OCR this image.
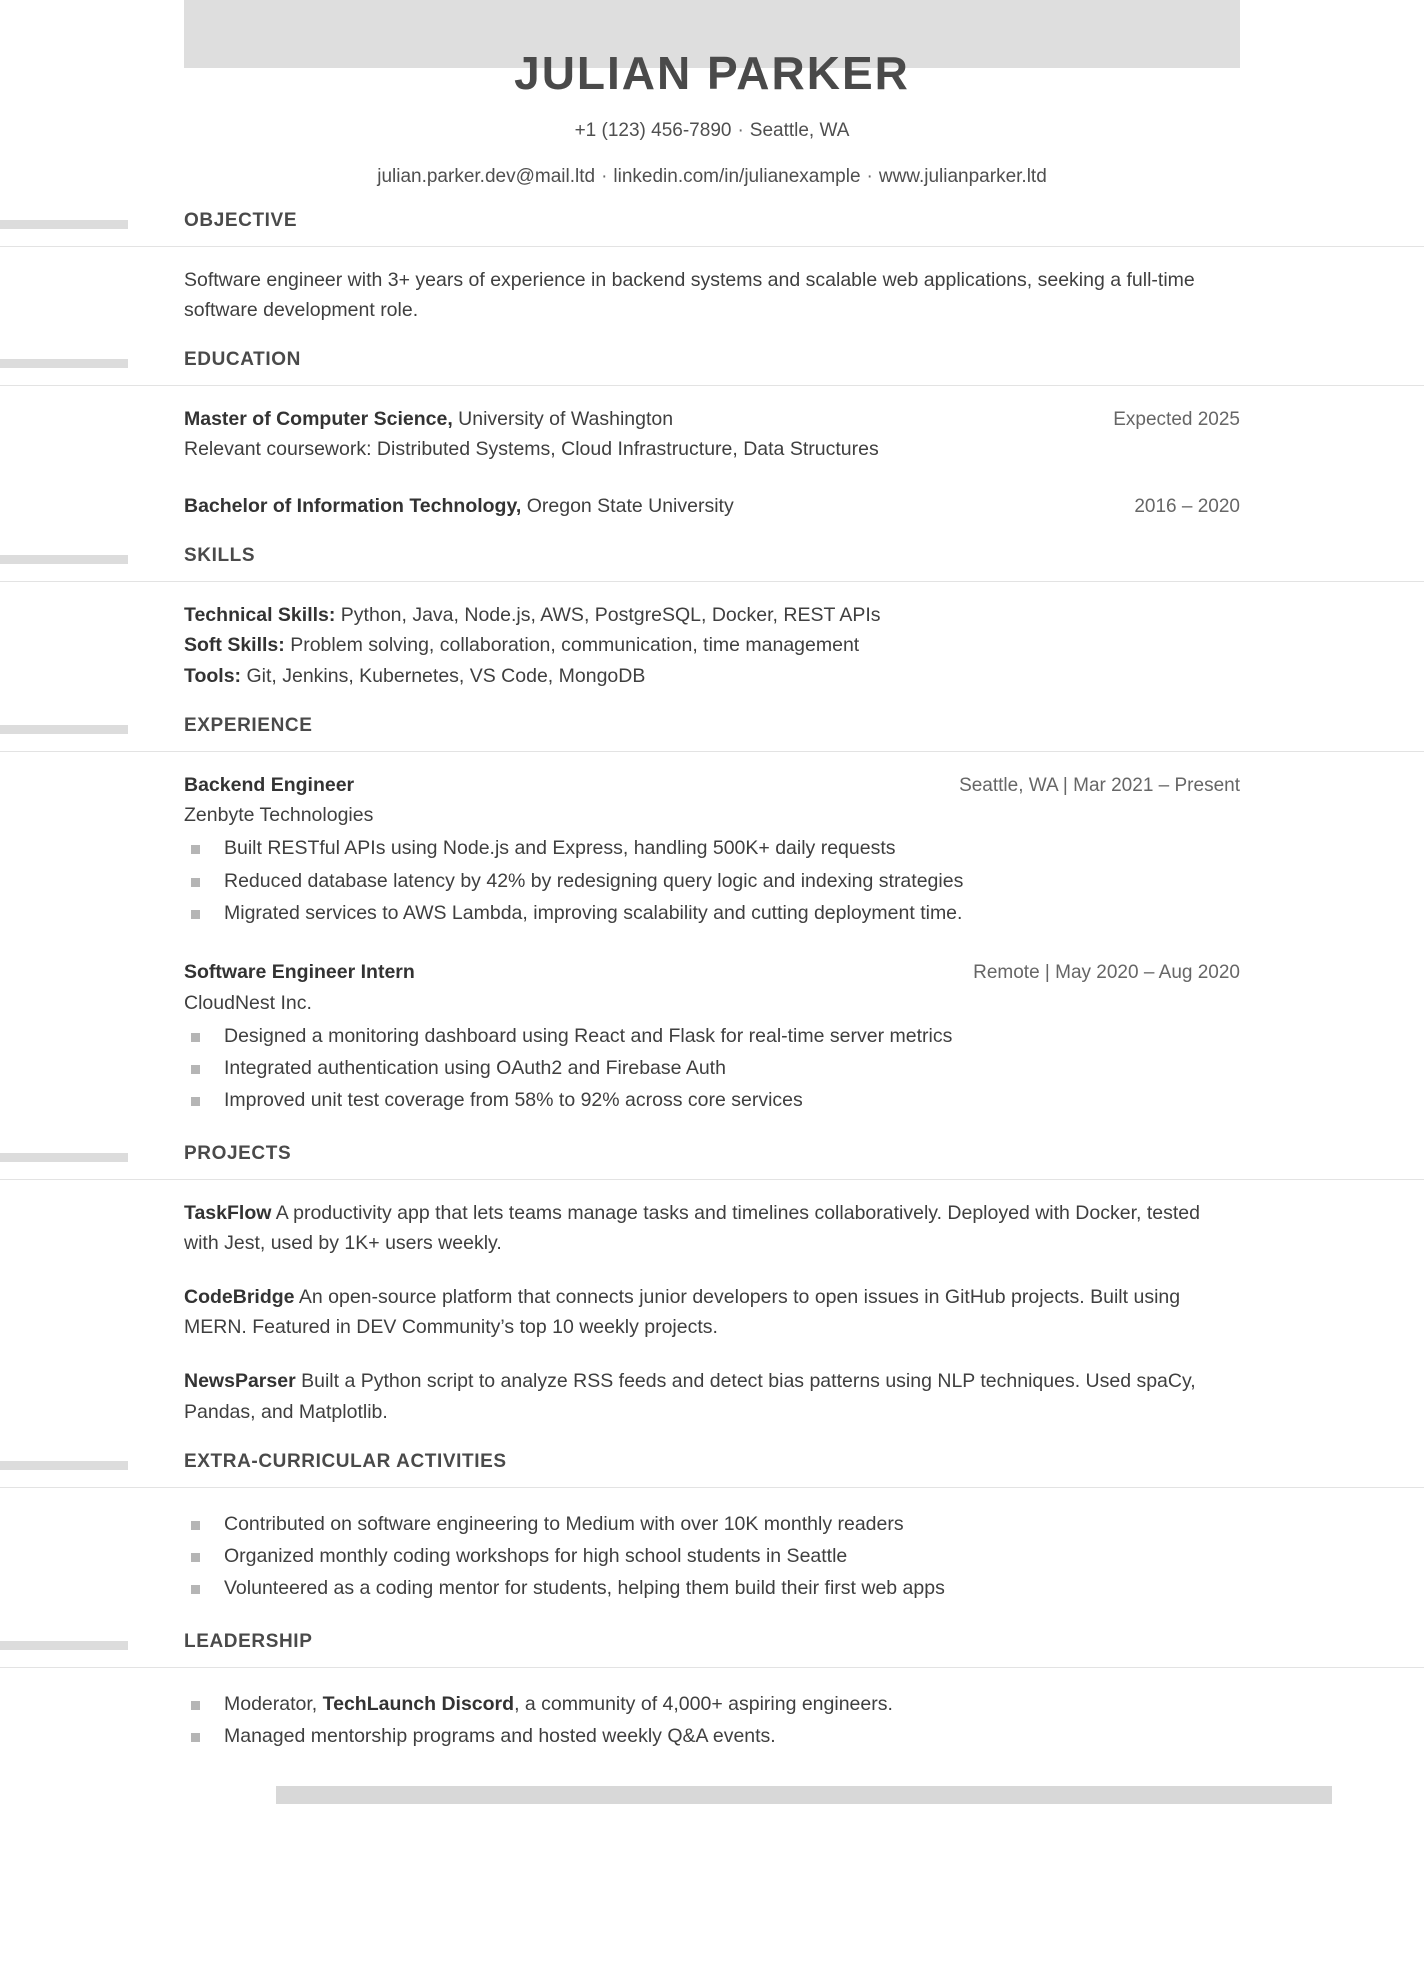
JULIAN PARKER
+1 (123) 456-7890 · Seattle, WA
julian.parker.dev@mail.ltd · linkedin.com/in/julianexample · www.julianparker.ltd
OBJECTIVE
Software engineer with 3+ years of experience in backend systems and scalable web applications, seeking a full-time software development role.
EDUCATION
Master of Computer Science, University of Washington	Expected 2025
Relevant coursework: Distributed Systems, Cloud Infrastructure, Data Structures
Bachelor of Information Technology, Oregon State University	2016 – 2020
SKILLS
Technical Skills: Python, Java, Node.js, AWS, PostgreSQL, Docker, REST APIs
Soft Skills: Problem solving, collaboration, communication, time management
Tools: Git, Jenkins, Kubernetes, VS Code, MongoDB
EXPERIENCE
Backend Engineer	Seattle, WA | Mar 2021 – Present
Zenbyte Technologies
Built RESTful APIs using Node.js and Express, handling 500K+ daily requests
Reduced database latency by 42% by redesigning query logic and indexing strategies
Migrated services to AWS Lambda, improving scalability and cutting deployment time.
Software Engineer Intern	Remote | May 2020 – Aug 2020
CloudNest Inc.
Designed a monitoring dashboard using React and Flask for real-time server metrics
Integrated authentication using OAuth2 and Firebase Auth
Improved unit test coverage from 58% to 92% across core services
PROJECTS
TaskFlow A productivity app that lets teams manage tasks and timelines collaboratively. Deployed with Docker, tested with Jest, used by 1K+ users weekly.
CodeBridge An open-source platform that connects junior developers to open issues in GitHub projects. Built using MERN. Featured in DEV Community’s top 10 weekly projects.
NewsParser Built a Python script to analyze RSS feeds and detect bias patterns using NLP techniques. Used spaCy, Pandas, and Matplotlib.
EXTRA-CURRICULAR ACTIVITIES
Contributed on software engineering to Medium with over 10K monthly readers
Organized monthly coding workshops for high school students in Seattle
Volunteered as a coding mentor for students, helping them build their first web apps
LEADERSHIP
Moderator, TechLaunch Discord, a community of 4,000+ aspiring engineers.
Managed mentorship programs and hosted weekly Q&A events.
